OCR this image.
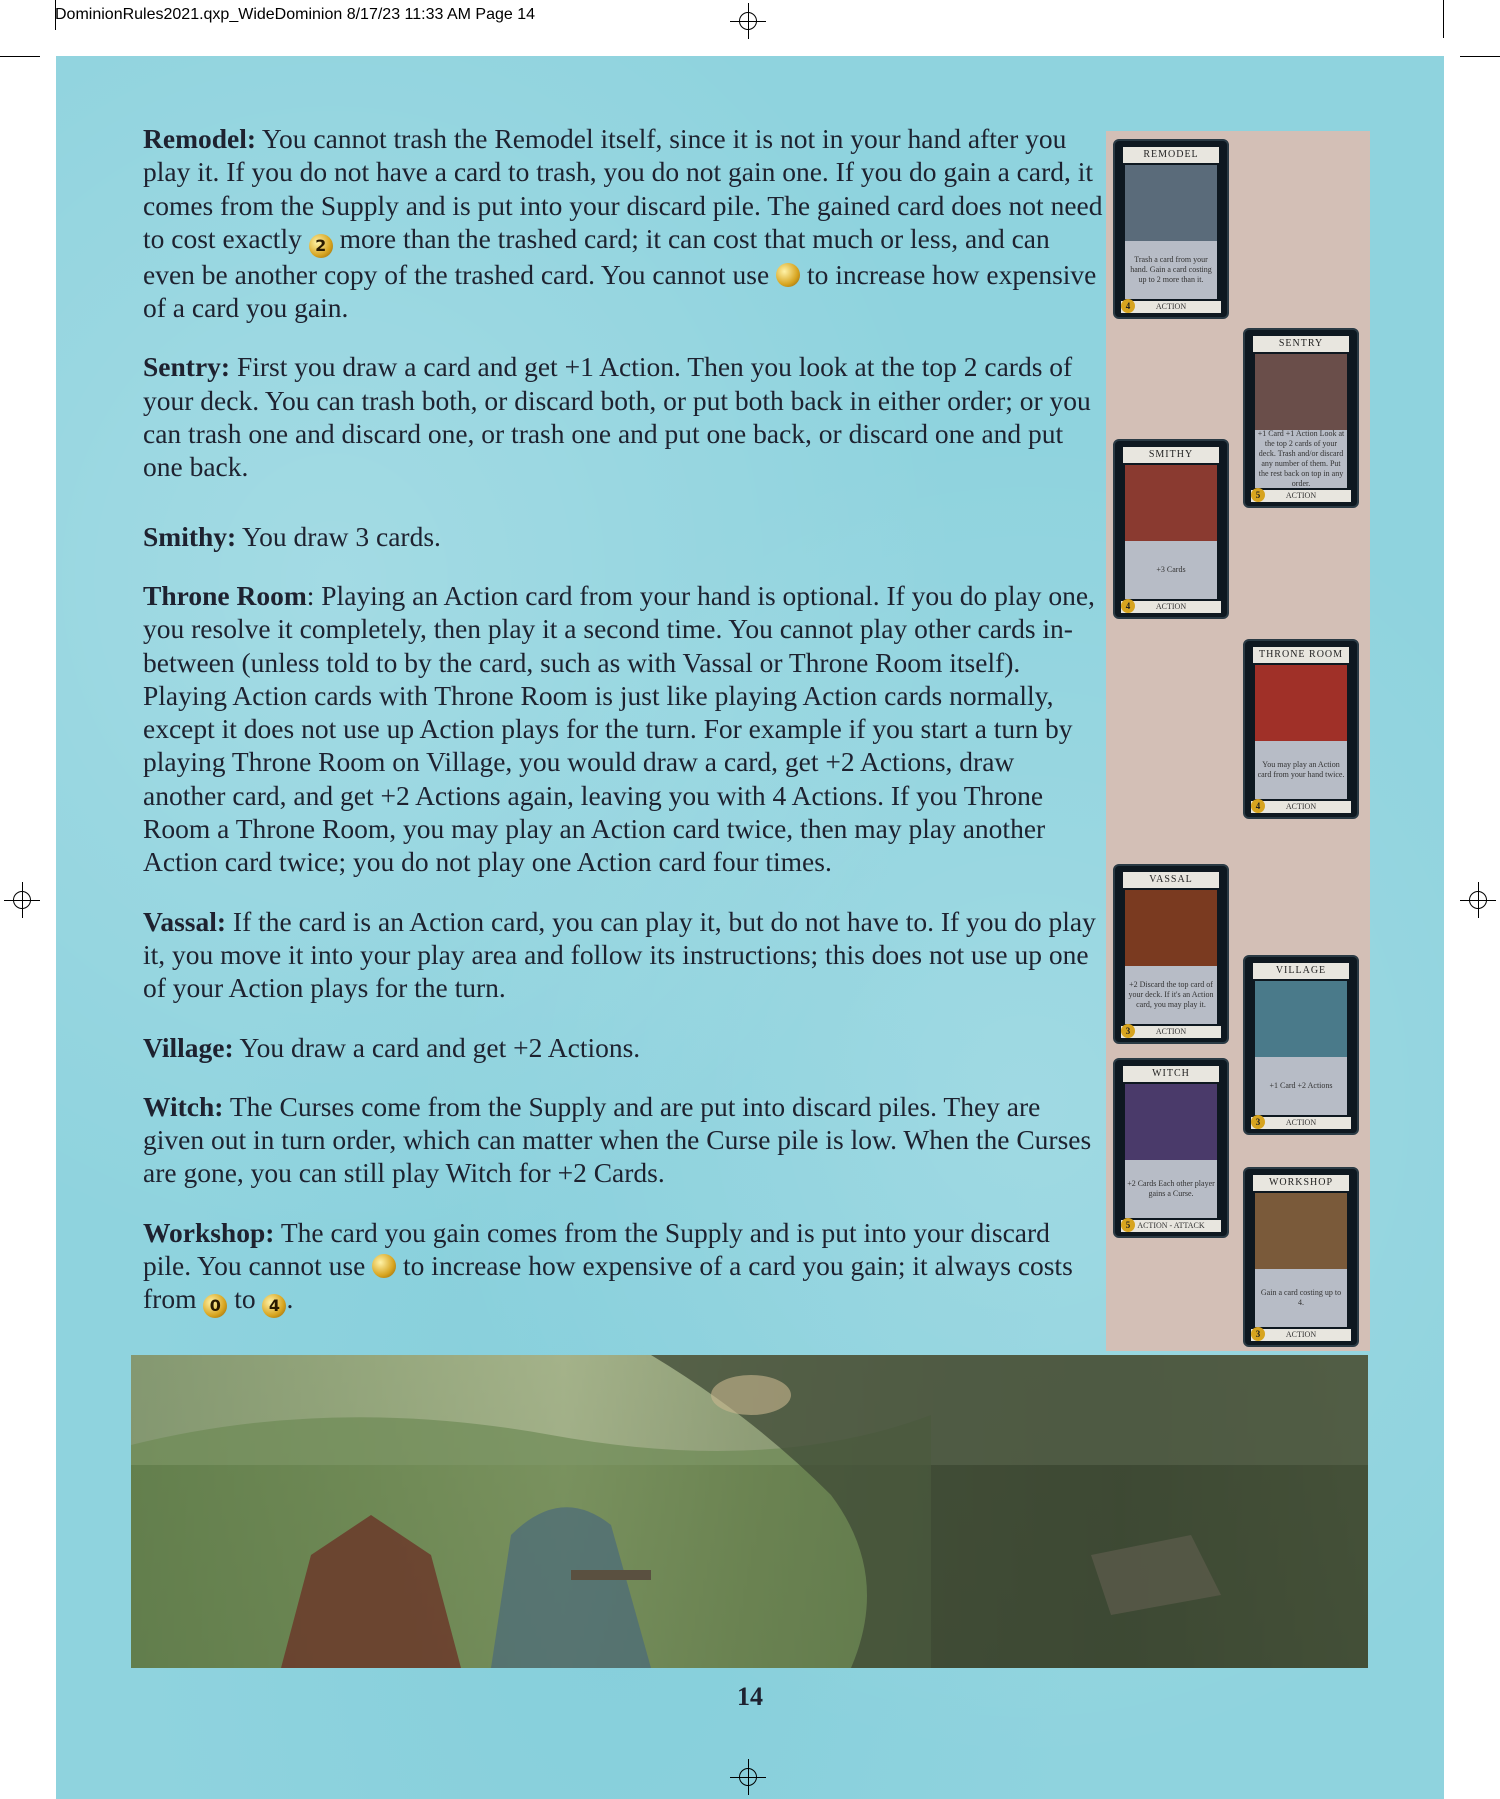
DominionRules2021.qxp_WideDominion 8/17/23 11:33 AM Page 14

Remodel: You cannot trash the Remodel itself, since it is not in your hand after you play it. If you do not have a card to trash, you do not gain one. If you do gain a card, it comes from the Supply and is put into your discard pile. The gained card does not need to cost exactly 2 more than the trashed card; it can cost that much or less, and can even be another copy of the trashed card. You cannot use  to increase how expensive of a card you gain.

Sentry: First you draw a card and get +1 Action. Then you look at the top 2 cards of your deck. You can trash both, or discard both, or put both back in either order; or you can trash one and discard one, or trash one and put one back, or discard one and put one back.

Smithy: You draw 3 cards.

Throne Room: Playing an Action card from your hand is optional. If you do play one, you resolve it completely, then play it a second time. You cannot play other cards in-between (unless told to by the card, such as with Vassal or Throne Room itself). Playing Action cards with Throne Room is just like playing Action cards normally, except it does not use up Action plays for the turn. For example if you start a turn by playing Throne Room on Village, you would draw a card, get +2 Actions, draw another card, and get +2 Actions again, leaving you with 4 Actions. If you Throne Room a Throne Room, you may play an Action card twice, then may play another Action card twice; you do not play one Action card four times.

Vassal: If the card is an Action card, you can play it, but do not have to. If you do play it, you move it into your play area and follow its instructions; this does not use up one of your Action plays for the turn.

Village: You draw a card and get +2 Actions.

Witch: The Curses come from the Supply and are put into discard piles. They are given out in turn order, which can matter when the Curse pile is low. When the Curses are gone, you can still play Witch for +2 Cards.

Workshop: The card you gain comes from the Supply and is put into your discard pile. You cannot use  to increase how expensive of a card you gain; it always costs from 0 to 4 .

REMODEL
Trash a card from your hand. Gain a card costing up to 2 more than it.
ACTION
4
SENTRY
+1 Card +1 Action Look at the top 2 cards of your deck. Trash and/or discard any number of them. Put the rest back on top in any order.
ACTION
5
SMITHY
+3 Cards
ACTION
4
THRONE ROOM
You may play an Action card from your hand twice.
ACTION
4
VASSAL
+2 Discard the top card of your deck. If it's an Action card, you may play it.
ACTION
3
VILLAGE
+1 Card +2 Actions
ACTION
3
WITCH
+2 Cards Each other player gains a Curse.
ACTION - ATTACK
5
WORKSHOP
Gain a card costing up to 4.
ACTION
3
14
